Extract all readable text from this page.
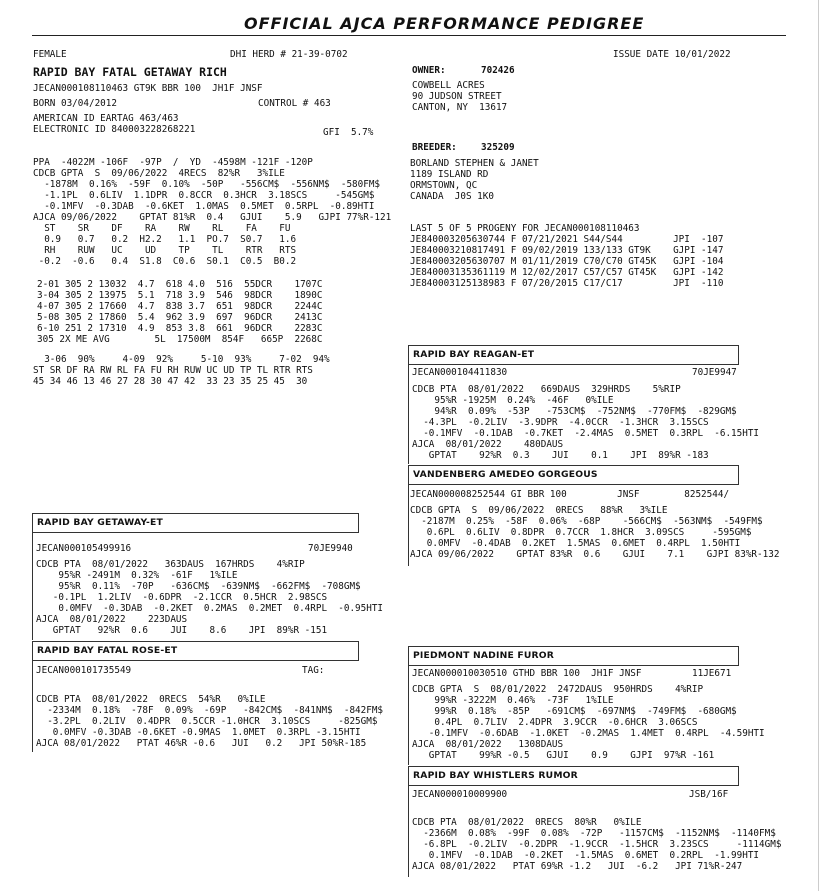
OFFICIAL AJCA PERFORMANCE PEDIGREE
FEMALE	DHI HERD # 21-39-0702	ISSUE DATE 10/01/2022
RAPID BAY FATAL GETAWAY RICH
JECAN000108110463 GT9K BBR 100  JH1F JNSF
BORN 03/04/2012	CONTROL # 463
AMERICAN ID EARTAG 463/463
ELECTRONIC ID 840003228268221	GFI  5.7%
OWNER:	702426
COWBELL ACRES
90 JUDSON STREET
CANTON, NY  13617
BREEDER:	325209
BORLAND STEPHEN & JANET
1189 ISLAND RD
ORMSTOWN, QC
CANADA  J0S 1K0
PPA  -4022M -106F  -97P  /  YD  -4598M -121F -120P
CDCB GPTA  S  09/06/2022  4RECS  82%R   3%ILE
-1878M  0.16%  -59F  0.10%  -50P   -556CM$  -556NM$  -580FM$
-1.1PL  0.6LIV  1.1DPR  0.8CCR  0.3HCR  3.18SCS     -545GM$
-0.1MFV  -0.3DAB  -0.6KET  1.0MAS  0.5MET  0.5RPL  -0.89HTI
AJCA 09/06/2022    GPTAT 81%R  0.4   GJUI    5.9   GJPI 77%R-121
ST    SR    DF    RA    RW    RL    FA    FU
0.9   0.7   0.2  H2.2   1.1  PO.7  S0.7   1.6
RH    RUW   UC    UD    TP    TL    RTR   RTS
-0.2  -0.6   0.4  S1.8  C0.6  S0.1  C0.5  B0.2
2-01 305 2 13032  4.7  618 4.0  516  55DCR    1707C
3-04 305 2 13975  5.1  718 3.9  546  98DCR    1890C
4-07 305 2 17660  4.7  838 3.7  651  98DCR    2244C
5-08 305 2 17860  5.4  962 3.9  697  96DCR    2413C
6-10 251 2 17310  4.9  853 3.8  661  96DCR    2283C
305 2X ME AVG        5L  17500M  854F   665P  2268C
3-06  90%     4-09  92%     5-10  93%     7-02  94%
ST SR DF RA RW RL FA FU RH RUW UC UD TP TL RTR RTS
45 34 46 13 46 27 28 30 47 42  33 23 35 25 45  30
LAST 5 OF 5 PROGENY FOR JECAN000108110463
JE840003205630744 F 07/21/2021 S44/S44         JPI  -107
JE840003210817491 F 09/02/2019 133/133 GT9K    GJPI -147
JE840003205630707 M 01/11/2019 C70/C70 GT45K   GJPI -104
JE840003135361119 M 12/02/2017 C57/C57 GT45K   GJPI -142
JE840003125138983 F 07/20/2015 C17/C17         JPI  -110
RAPID BAY GETAWAY-ET
JECAN000105499916	70JE9940
CDCB PTA  08/01/2022   363DAUS  167HRDS    4%RIP
95%R -2491M  0.32%  -61F   1%ILE
95%R  0.11%  -70P   -636CM$  -639NM$  -662FM$  -708GM$
-0.1PL  1.2LIV  -0.6DPR  -2.1CCR  0.5HCR  2.98SCS
0.0MFV  -0.3DAB  -0.2KET  0.2MAS  0.2MET  0.4RPL  -0.95HTI
AJCA  08/01/2022    223DAUS
GPTAT   92%R  0.6    JUI    8.6    JPI  89%R -151
RAPID BAY FATAL ROSE-ET
JECAN000101735549	TAG:
CDCB PTA  08/01/2022  0RECS  54%R   0%ILE
-2334M  0.18%  -78F  0.09%  -69P   -842CM$  -841NM$  -842FM$
-3.2PL  0.2LIV  0.4DPR  0.5CCR -1.0HCR  3.10SCS     -825GM$
0.0MFV -0.3DAB -0.6KET -0.9MAS  1.0MET  0.3RPL -3.15HTI
AJCA 08/01/2022   PTAT 46%R -0.6   JUI   0.2   JPI 50%R-185
RAPID BAY REAGAN-ET
JECAN000104411830	70JE9947
CDCB PTA  08/01/2022   669DAUS  329HRDS    5%RIP
95%R -1925M  0.24%  -46F   0%ILE
94%R  0.09%  -53P   -753CM$  -752NM$  -770FM$  -829GM$
-4.3PL  -0.2LIV  -3.9DPR  -4.0CCR  -1.3HCR  3.15SCS
-0.1MFV  -0.1DAB  -0.7KET  -2.4MAS  0.5MET  0.3RPL  -6.15HTI
AJCA  08/01/2022    480DAUS
GPTAT    92%R  0.3    JUI    0.1    JPI  89%R -183
VANDENBERG AMEDEO GORGEOUS
JECAN000008252544 GI BBR 100         JNSF        8252544/
CDCB GPTA  S  09/06/2022  0RECS   88%R   3%ILE
-2187M  0.25%  -58F  0.06%  -68P    -566CM$  -563NM$  -549FM$
0.6PL  0.6LIV  0.8DPR  0.7CCR  1.8HCR  3.09SCS     -595GM$
0.0MFV  -0.4DAB  0.2KET  1.5MAS  0.6MET  0.4RPL  1.50HTI
AJCA 09/06/2022    GPTAT 83%R  0.6    GJUI    7.1    GJPI 83%R-132
PIEDMONT NADINE FUROR
JECAN000010030510 GTHD BBR 100  JH1F JNSF	11JE671
CDCB GPTA  S  08/01/2022  2472DAUS  950HRDS    4%RIP
99%R -3222M  0.46%  -73F   1%ILE
99%R  0.18%  -85P   -691CM$  -697NM$  -749FM$  -680GM$
0.4PL  0.7LIV  2.4DPR  3.9CCR  -0.6HCR  3.06SCS
-0.1MFV  -0.6DAB  -1.0KET  -0.2MAS  1.4MET  0.4RPL  -4.59HTI
AJCA  08/01/2022   1308DAUS
GPTAT    99%R -0.5   GJUI    0.9    GJPI  97%R -161
RAPID BAY WHISTLERS RUMOR
JECAN000010009900	JSB/16F
CDCB PTA  08/01/2022  0RECS  80%R   0%ILE
-2366M  0.08%  -99F  0.08%  -72P   -1157CM$  -1152NM$  -1140FM$
-6.8PL  -0.2LIV  -0.2DPR  -1.9CCR  -1.5HCR  3.23SCS     -1114GM$
0.1MFV  -0.1DAB  -0.2KET  -1.5MAS  0.6MET  0.2RPL  -1.99HTI
AJCA 08/01/2022   PTAT 69%R -1.2   JUI  -6.2   JPI 71%R-247
